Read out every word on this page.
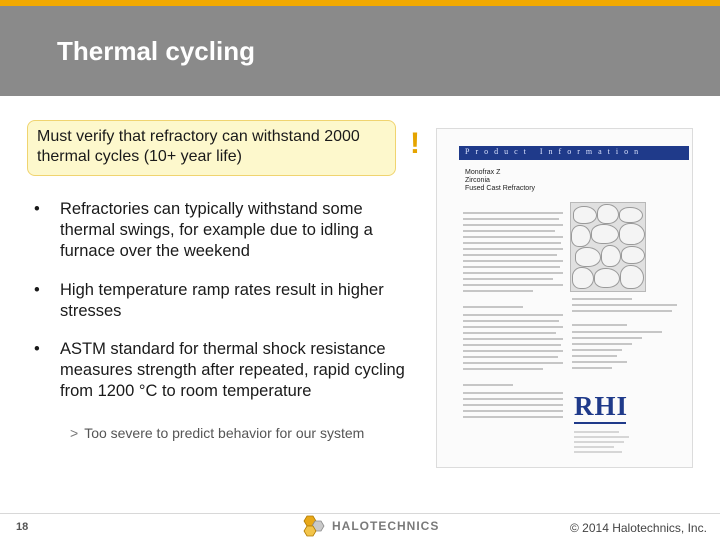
Thermal cycling
Must verify that refractory can withstand 2000 thermal cycles (10+ year life)	!
• Refractories can typically withstand some thermal swings, for example due to idling a furnace over the weekend
• High temperature ramp rates result in higher stresses
• ASTM standard for thermal shock resistance measures strength after repeated, rapid cycling from 1200 °C to room temperature
> Too severe to predict behavior for our system
Product Information
Monofrax Z
Zirconia
Fused Cast Refractory
RHI
18	HALOTECHNICS	© 2014 Halotechnics, Inc.
